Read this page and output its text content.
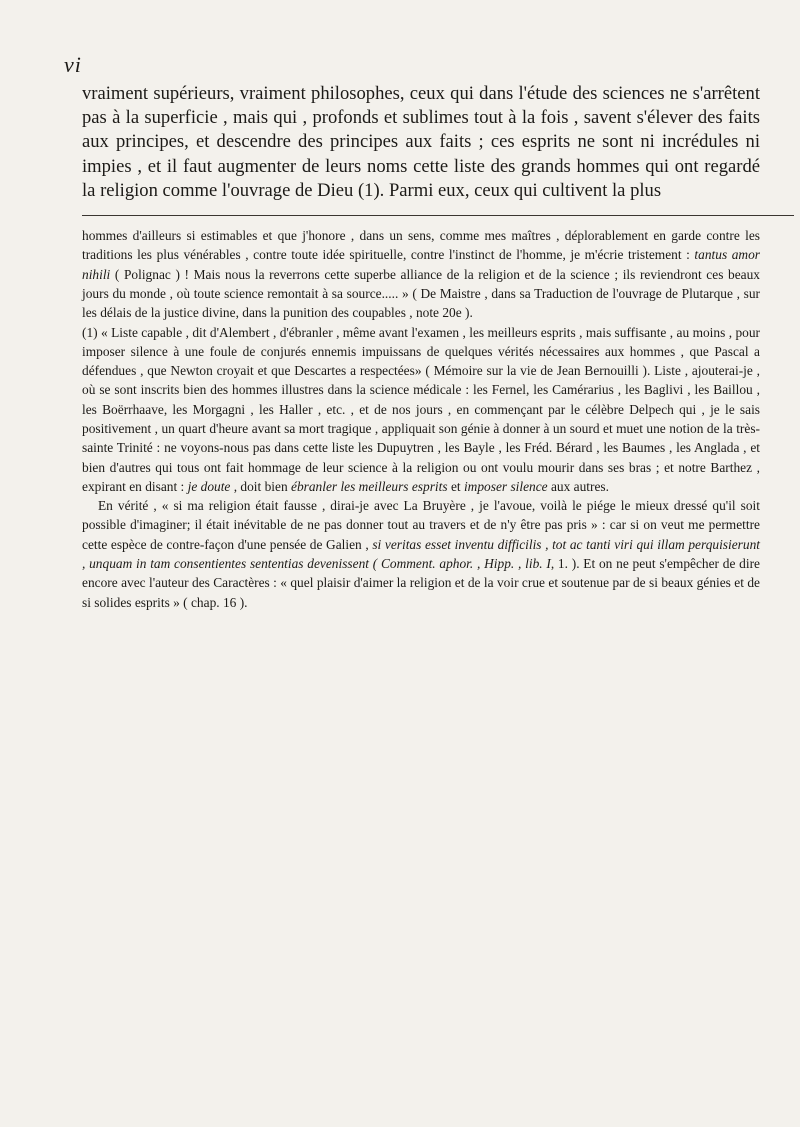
vi

vraiment supérieurs, vraiment philosophes, ceux qui dans l'étude des sciences ne s'arrêtent pas à la superficie , mais qui , profonds et sublimes tout à la fois , savent s'élever des faits aux principes, et descendre des principes aux faits ; ces esprits ne sont ni incrédules ni impies , et il faut augmenter de leurs noms cette liste des grands hommes qui ont regardé la religion comme l'ouvrage de Dieu (1). Parmi eux, ceux qui cultivent la plus

hommes d'ailleurs si estimables et que j'honore , dans un sens, comme mes maîtres , déplorablement en garde contre les traditions les plus vénérables , contre toute idée spirituelle, contre l'instinct de l'homme, je m'écrie tristement : tantus amor nihili ( Polignac ) ! Mais nous la reverrons cette superbe alliance de la religion et de la science ; ils reviendront ces beaux jours du monde , où toute science remontait à sa source..... » ( De Maistre , dans sa Traduction de l'ouvrage de Plutarque , sur les délais de la justice divine, dans la punition des coupables , note 20e ).

(1) « Liste capable , dit d'Alembert , d'ébranler , même avant l'examen , les meilleurs esprits , mais suffisante , au moins , pour imposer silence à une foule de conjurés ennemis impuissans de quelques vérités nécessaires aux hommes , que Pascal a défendues , que Newton croyait et que Descartes a respectées» ( Mémoire sur la vie de Jean Bernouilli ). Liste , ajouterai-je , où se sont inscrits bien des hommes illustres dans la science médicale : les Fernel, les Camérarius , les Baglivi , les Baillou , les Boërrhaave, les Morgagni , les Haller , etc. , et de nos jours , en commençant par le célèbre Delpech qui , je le sais positivement , un quart d'heure avant sa mort tragique , appliquait son génie à donner à un sourd et muet une notion de la très-sainte Trinité : ne voyons-nous pas dans cette liste les Dupuytren , les Bayle , les Fréd. Bérard , les Baumes , les Anglada , et bien d'autres qui tous ont fait hommage de leur science à la religion ou ont voulu mourir dans ses bras ; et notre Barthez , expirant en disant : je doute , doit bien ébranler les meilleurs esprits et imposer silence aux autres.

En vérité , « si ma religion était fausse , dirai-je avec La Bruyère , je l'avoue, voilà le piége le mieux dressé qu'il soit possible d'imaginer; il était inévitable de ne pas donner tout au travers et de n'y être pas pris » : car si on veut me permettre cette espèce de contre-façon d'une pensée de Galien , si veritas esset inventu difficilis , tot ac tanti viri qui illam perquisierunt , unquam in tam consentientes sententias devenissent ( Comment. aphor. , Hipp. , lib. I, 1. ). Et on ne peut s'empêcher de dire encore avec l'auteur des Caractères : « quel plaisir d'aimer la religion et de la voir crue et soutenue par de si beaux génies et de si solides esprits » ( chap. 16 ).
